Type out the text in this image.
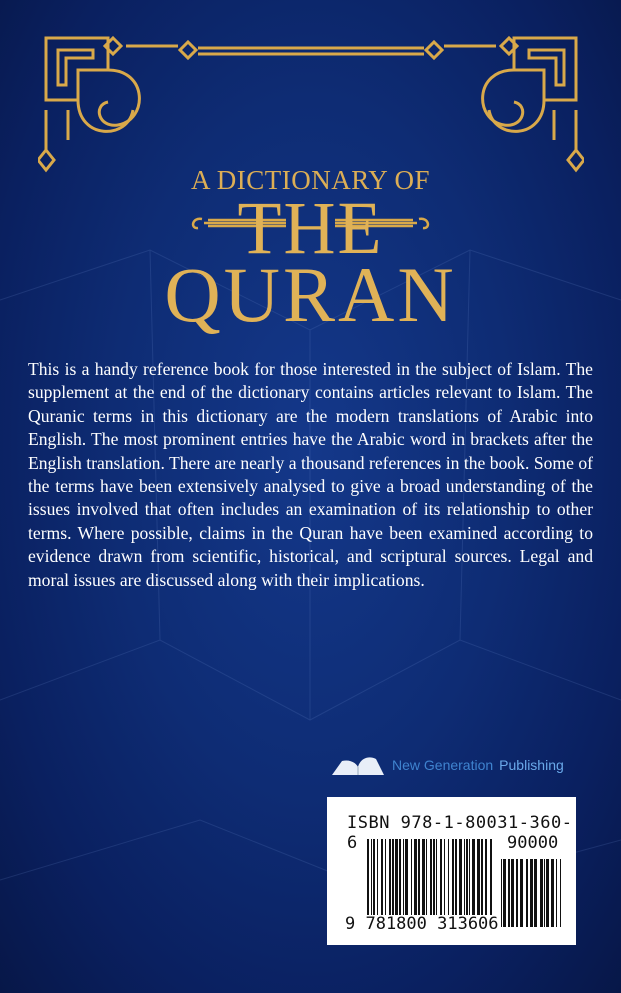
A DICTIONARY OF
THE
QURAN
This is a handy reference book for those interested in the subject of Islam. The supplement at the end of the dictionary contains articles relevant to Islam. The Quranic terms in this dictionary are the modern translations of Arabic into English. The most prominent entries have the Arabic word in brackets after the English translation. There are nearly a thousand references in the book. Some of the terms have been extensively analysed to give a broad understanding of the issues involved that often includes an examination of its relationship to other terms. Where possible, claims in the Quran have been examined according to evidence drawn from scientific, historical, and scriptural sources. Legal and moral issues are discussed along with their implications.
New Generation Publishing
ISBN 978-1-80031-360-6	90000
9 781800 313606
